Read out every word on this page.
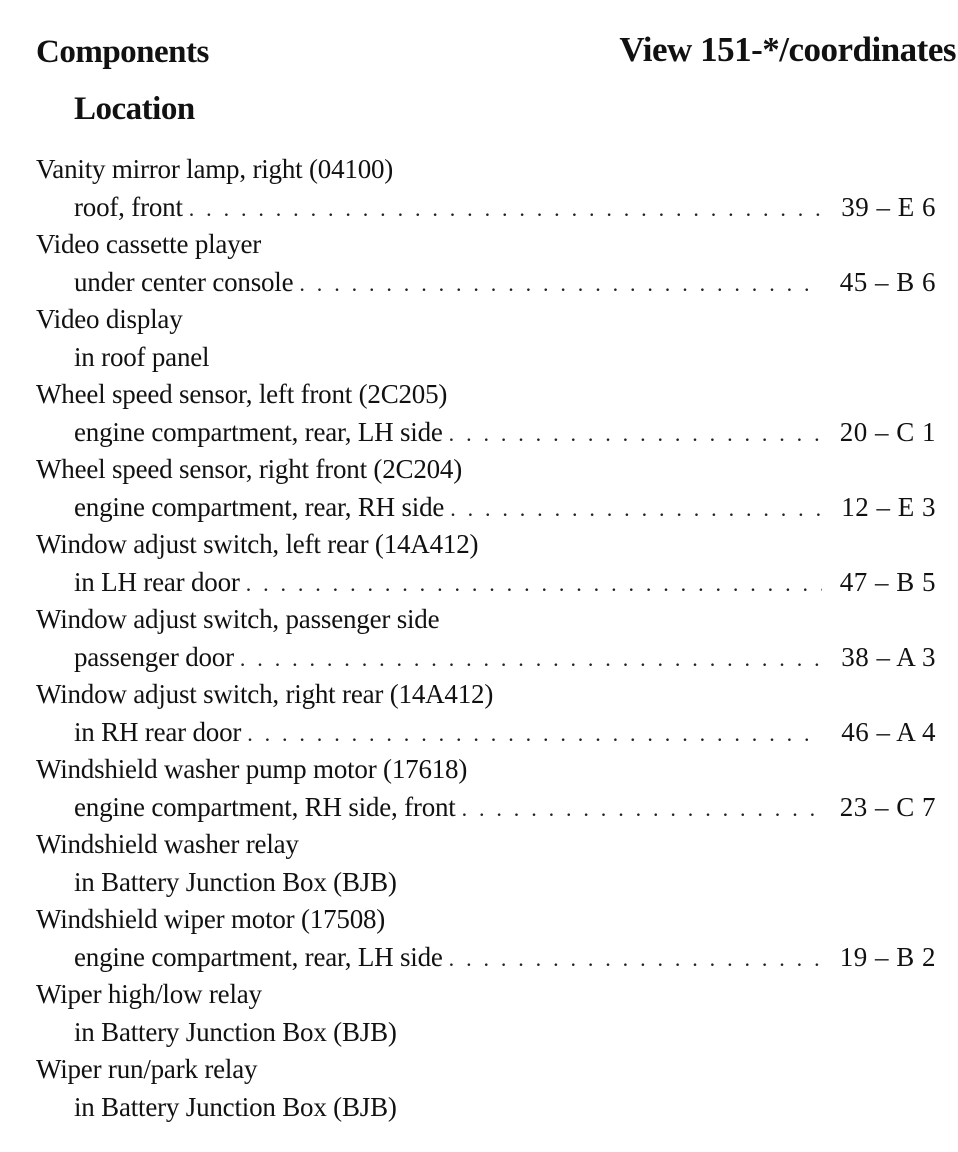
Components	View 151-*/coordinates
Location
Vanity mirror lamp, right (04100)
roof, front . . .	39 – E 6
Video cassette player
under center console . . .	45 – B 6
Video display
in roof panel
Wheel speed sensor, left front (2C205)
engine compartment, rear, LH side . . .	20 – C 1
Wheel speed sensor, right front (2C204)
engine compartment, rear, RH side . . .	12 – E 3
Window adjust switch, left rear (14A412)
in LH rear door . . .	47 – B 5
Window adjust switch, passenger side
passenger door . . .	38 – A 3
Window adjust switch, right rear (14A412)
in RH rear door . . .	46 – A 4
Windshield washer pump motor (17618)
engine compartment, RH side, front . . .	23 – C 7
Windshield washer relay
in Battery Junction Box (BJB)
Windshield wiper motor (17508)
engine compartment, rear, LH side . . .	19 – B 2
Wiper high/low relay
in Battery Junction Box (BJB)
Wiper run/park relay
in Battery Junction Box (BJB)
